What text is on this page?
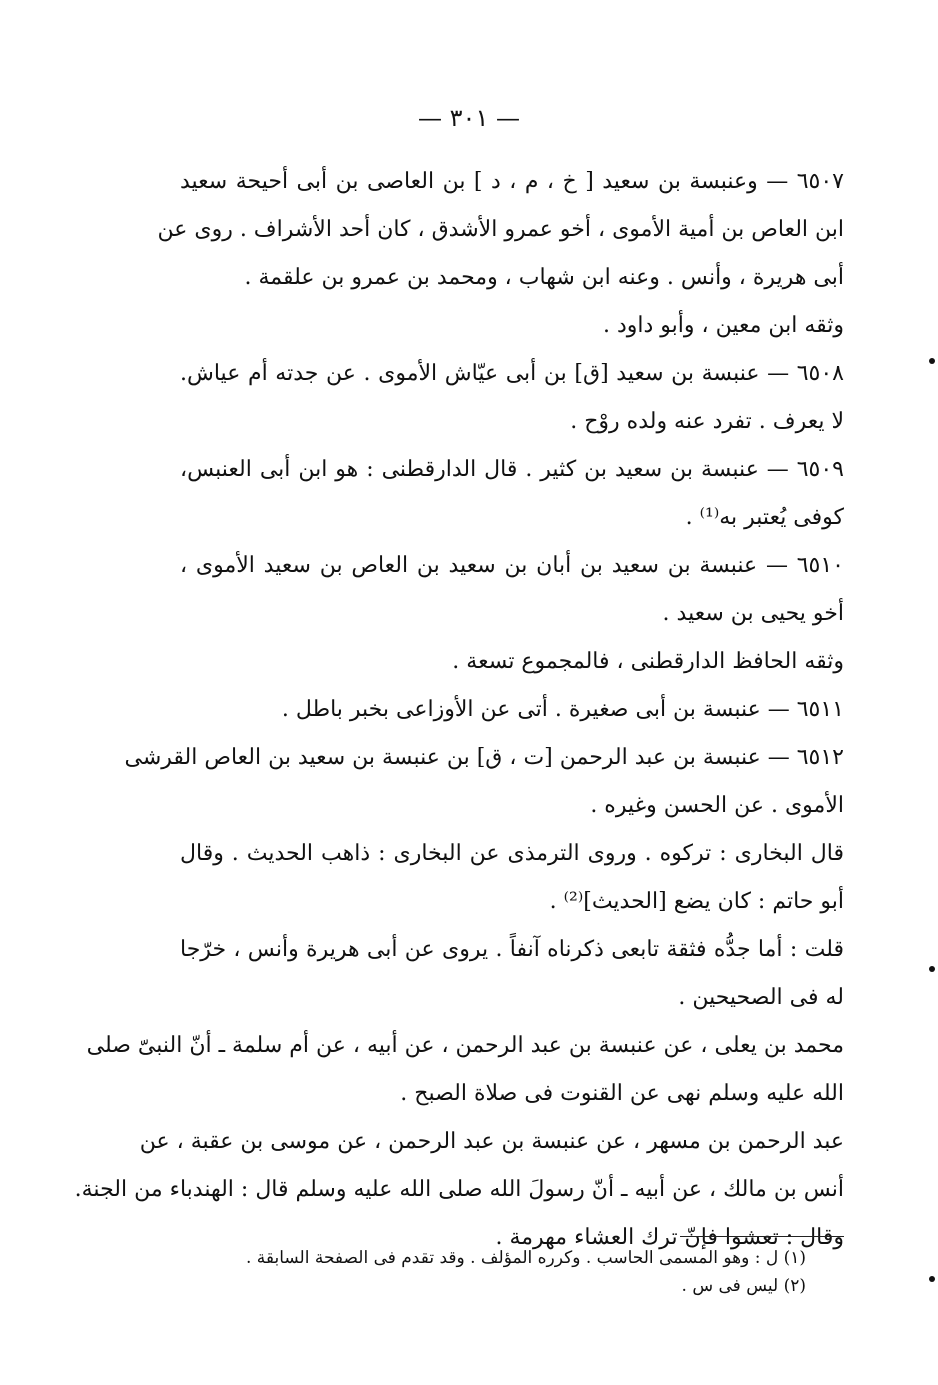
— ٣٠١ —
٦٥٠٧ — وعنبسة بن سعيد [ خ ، م ، د ] بن العاصى بن أبى أحيحة سعيد
ابن العاص بن أمية الأموى ، أخو عمرو الأشدق ، كان أحد الأشراف . روى عن
أبى هريرة ، وأنس . وعنه ابن شهاب ، ومحمد بن عمرو بن علقمة .
وثقه ابن معين ، وأبو داود .
٦٥٠٨ — عنبسة بن سعيد [ق] بن أبى عيّاش الأموى . عن جدته أم عياش.
لا يعرف . تفرد عنه ولده روْح .
٦٥٠٩ — عنبسة بن سعيد بن كثير . قال الدارقطنى : هو ابن أبى العنبس،
كوفى يُعتبر به⁽¹⁾ .
٦٥١٠ — عنبسة بن سعيد بن أبان بن سعيد بن العاص بن سعيد الأموى ،
أخو يحيى بن سعيد .
وثقه الحافظ الدارقطنى ، فالمجموع تسعة .
٦٥١١ — عنبسة بن أبى صغيرة . أتى عن الأوزاعى بخبر باطل .
٦٥١٢ — عنبسة بن عبد الرحمن [ت ، ق] بن عنبسة بن سعيد بن العاص القرشى
الأموى . عن الحسن وغيره .
قال البخارى : تركوه . وروى الترمذى عن البخارى : ذاهب الحديث . وقال
أبو حاتم : كان يضع [الحديث]⁽²⁾ .
قلت : أما جدُّه فثقة تابعى ذكرناه آنفاً . يروى عن أبى هريرة وأنس ، خرّجا
له فى الصحيحين .
محمد بن يعلى ، عن عنبسة بن عبد الرحمن ، عن أبيه ، عن أم سلمة ـ أنّ النبىّ صلى
الله عليه وسلم نهى عن القنوت فى صلاة الصبح .
عبد الرحمن بن مسهر ، عن عنبسة بن عبد الرحمن ، عن موسى بن عقبة ، عن
أنس بن مالك ، عن أبيه ـ أنّ رسولَ الله صلى الله عليه وسلم قال : الهندباء من الجنة.
وقال : تعشوا فإنّ ترك العشاء مهرمة .
(١) ل : وهو المسمى الحاسب . وكرره المؤلف . وقد تقدم فى الصفحة السابقة .
(٢) ليس فى س .
